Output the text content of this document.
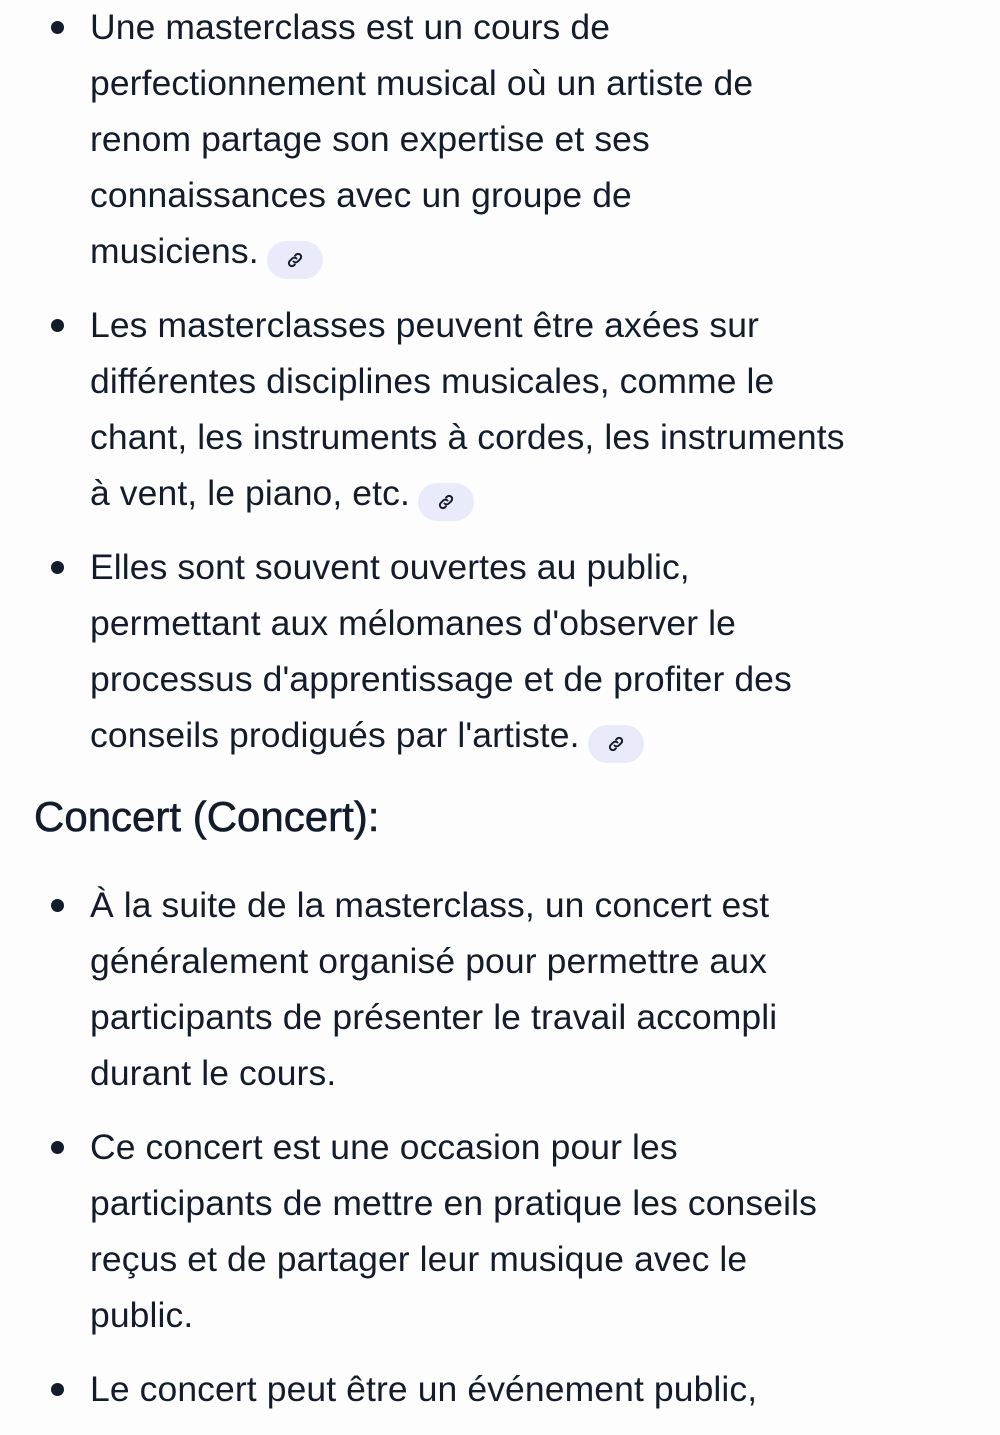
Une masterclass est un cours de
perfectionnement musical où un artiste de
renom partage son expertise et ses
connaissances avec un groupe de
musiciens.
Les masterclasses peuvent être axées sur
différentes disciplines musicales, comme le
chant, les instruments à cordes, les instruments
à vent, le piano, etc.
Elles sont souvent ouvertes au public,
permettant aux mélomanes d'observer le
processus d'apprentissage et de profiter des
conseils prodigués par l'artiste.
Concert (Concert):
À la suite de la masterclass, un concert est
généralement organisé pour permettre aux
participants de présenter le travail accompli
durant le cours.
Ce concert est une occasion pour les
participants de mettre en pratique les conseils
reçus et de partager leur musique avec le
public.
Le concert peut être un événement public,
